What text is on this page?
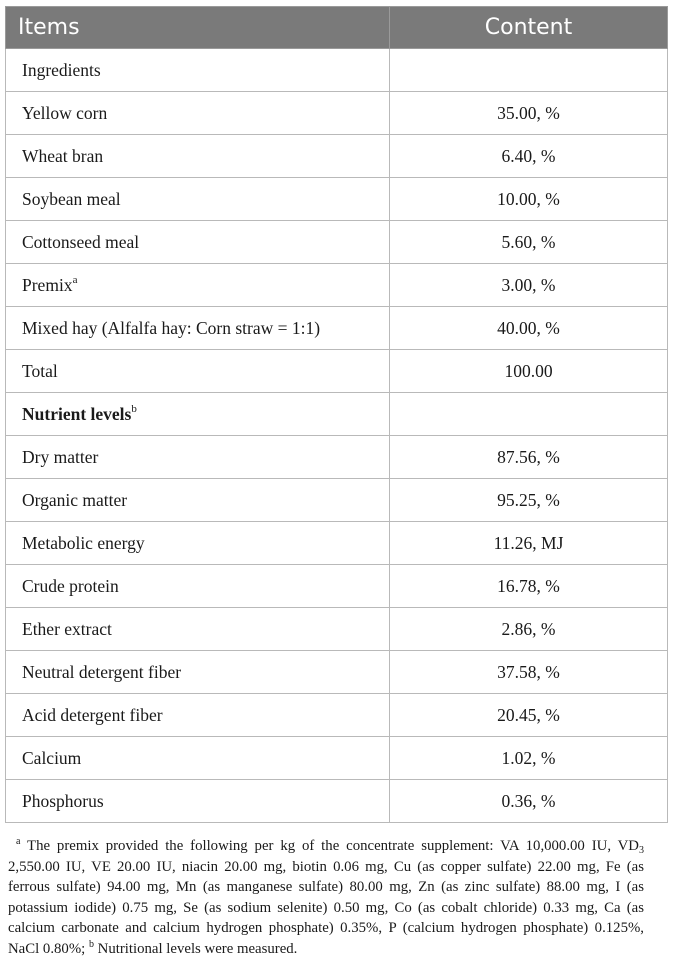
Items	Content
Ingredients	
Yellow corn	35.00, %
Wheat bran	6.40, %
Soybean meal	10.00, %
Cottonseed meal	5.60, %
Premix$^a$	3.00, %
Mixed hay (Alfalfa hay: Corn straw = 1:1)	40.00, %
Total	100.00
Nutrient levels$^b$	
Dry matter	87.56, %
Organic matter	95.25, %
Metabolic energy	11.26, MJ
Crude protein	16.78, %
Ether extract	2.86, %
Neutral detergent fiber	37.58, %
Acid detergent fiber	20.45, %
Calcium	1.02, %
Phosphorus	0.36, %
$^a$ The premix provided the following per kg of the concentrate supplement: VA 10,000.00 IU, $VD_3$ 2,550.00 IU, VE 20.00 IU, niacin 20.00 mg, biotin 0.06 mg, Cu (as copper sulfate) 22.00 mg, Fe (as ferrous sulfate) 94.00 mg, Mn (as manganese sulfate) 80.00 mg, Zn (as zinc sulfate) 88.00 mg, I (as potassium iodide) 0.75 mg, Se (as sodium selenite) 0.50 mg, Co (as cobalt chloride) 0.33 mg, Ca (as calcium carbonate and calcium hydrogen phosphate) 0.35%, P (calcium hydrogen phosphate) 0.125%, NaCl 0.80%; $^b$ Nutritional levels were measured.
